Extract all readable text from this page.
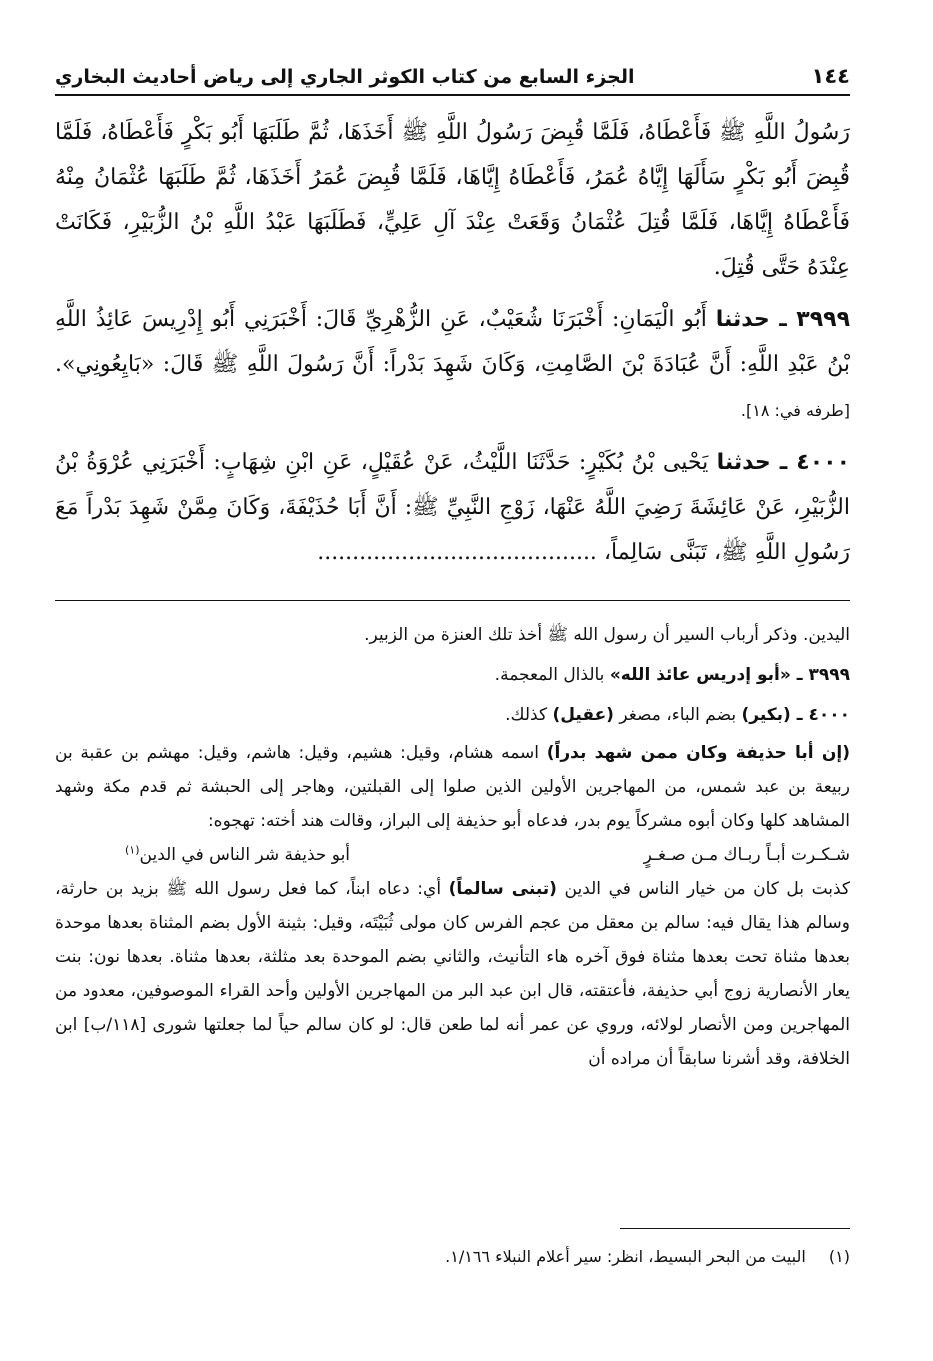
١٤٤
الجزء السابع من كتاب الكوثر الجاري إلى رياض أحاديث البخاري

رَسُولُ اللَّهِ ﷺ فَأَعْطَاهُ، فَلَمَّا قُبِضَ رَسُولُ اللَّهِ ﷺ أَخَذَهَا، ثُمَّ طَلَبَهَا أَبُو بَكْرٍ فَأَعْطَاهُ، فَلَمَّا قُبِضَ أَبُو بَكْرٍ سَأَلَهَا إِيَّاهُ عُمَرُ، فَأَعْطَاهُ إِيَّاهَا، فَلَمَّا قُبِضَ عُمَرُ أَخَذَهَا، ثُمَّ طَلَبَهَا عُثْمَانُ مِنْهُ فَأَعْطَاهُ إِيَّاهَا، فَلَمَّا قُتِلَ عُثْمَانُ وَقَعَتْ عِنْدَ آلِ عَلِيٍّ، فَطَلَبَهَا عَبْدُ اللَّهِ بْنُ الزُّبَيْرِ، فَكَانَتْ عِنْدَهُ حَتَّى قُتِلَ.

٣٩٩٩ ـ حدثنا أَبُو الْيَمَانِ: أَخْبَرَنَا شُعَيْبٌ، عَنِ الزُّهْرِيِّ قَالَ: أَخْبَرَنِي أَبُو إِدْرِيسَ عَائِذُ اللَّهِ بْنُ عَبْدِ اللَّهِ: أَنَّ عُبَادَةَ بْنَ الصَّامِتِ، وَكَانَ شَهِدَ بَدْراً: أَنَّ رَسُولَ اللَّهِ ﷺ قَالَ: «بَايِعُونِي». [طرفه في: ١٨].

٤٠٠٠ ـ حدثنا يَحْيى بْنُ بُكَيْرٍ: حَدَّثَنَا اللَّيْثُ، عَنْ عُقَيْلٍ، عَنِ ابْنِ شِهَابٍ: أَخْبَرَنِي عُرْوَةُ بْنُ الزُّبَيْرِ، عَنْ عَائِشَةَ رَضِيَ اللَّهُ عَنْهَا، زَوْجِ النَّبِيِّ ﷺ: أَنَّ أَبَا حُذَيْفَةَ، وَكَانَ مِمَّنْ شَهِدَ بَدْراً مَعَ رَسُولِ اللَّهِ ﷺ، تَبَنَّى سَالِماً، ........................................

اليدين. وذكر أرباب السير أن رسول الله ﷺ أخذ تلك العنزة من الزبير.

٣٩٩٩ ـ «أبو إدريس عائذ الله» بالذال المعجمة.

٤٠٠٠ ـ (بكير) بضم الباء، مصغر (عقيل) كذلك.

(إن أبا حذيفة وكان ممن شهد بدراً) اسمه هشام، وقيل: هشيم، وقيل: هاشم، وقيل: مهشم بن عقبة بن ربيعة بن عبد شمس، من المهاجرين الأولين الذين صلوا إلى القبلتين، وهاجر إلى الحبشة ثم قدم مكة وشهد المشاهد كلها وكان أبوه مشركاً يوم بدر، فدعاه أبو حذيفة إلى البراز، وقالت هند أخته: تهجوه:

شـكـرت أبـاً ربـاك مـن صـغـرٍ
أبو حذيفة شر الناس في الدين$^{(١)}$

كذبت بل كان من خيار الناس في الدين (تبنى سالماً) أي: دعاه ابناً، كما فعل رسول الله ﷺ بزيد بن حارثة، وسالم هذا يقال فيه: سالم بن معقل من عجم الفرس كان مولى ثُبَيْتَه، وقيل: بثينة الأول بضم المثناة بعدها موحدة بعدها مثناة تحت بعدها مثناة فوق آخره هاء التأنيث، والثاني بضم الموحدة بعد مثلثة، بعدها مثناة. بعدها نون: بنت يعار الأنصارية زوج أبي حذيفة، فأعتقته، قال ابن عبد البر من المهاجرين الأولين وأحد القراء الموصوفين، معدود من المهاجرين ومن الأنصار لولائه، وروي عن عمر أنه لما طعن قال: لو كان سالم حياً لما جعلتها شورى [١١٨/ب] ابن الخلافة، وقد أشرنا سابقاً أن مراده أن

(١) البيت من البحر البسيط، انظر: سير أعلام النبلاء ١/١٦٦.
